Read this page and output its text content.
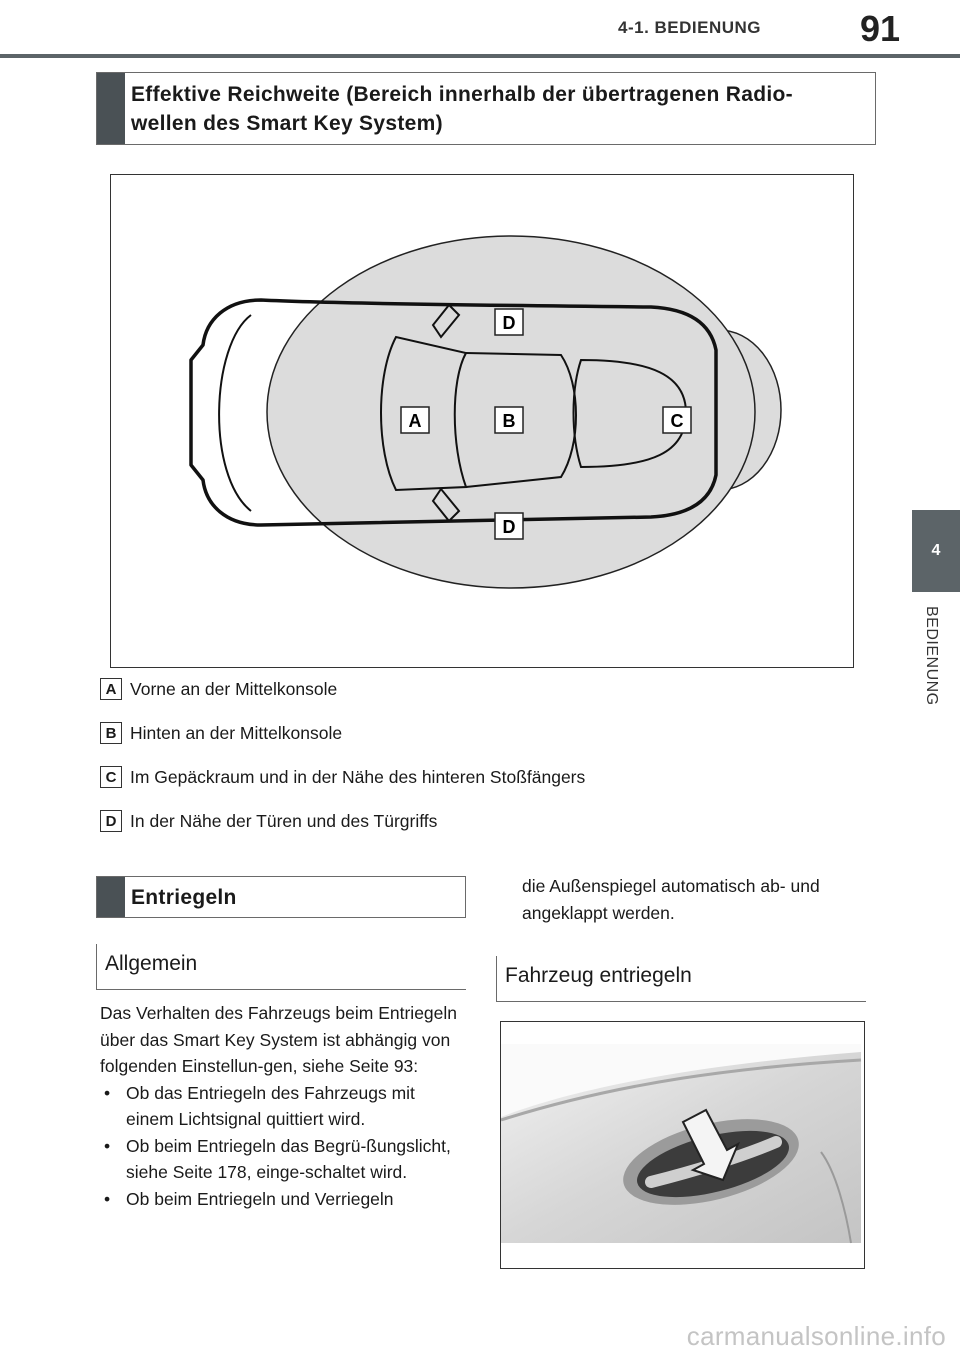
4-1. BEDIENUNG	91
4
BEDIENUNG
Effektive Reichweite (Bereich innerhalb der übertragenen Radio-wellen des Smart Key System)
D
A	B	C
D
A Vorne an der Mittelkonsole
B Hinten an der Mittelkonsole
C Im Gepäckraum und in der Nähe des hinteren Stoßfängers
D In der Nähe der Türen und des Türgriffs
Entriegeln
Allgemein
Das Verhalten des Fahrzeugs beim Entriegeln über das Smart Key System ist abhängig von folgenden Einstellun-gen, siehe Seite 93:
• Ob das Entriegeln des Fahrzeugs mit einem Lichtsignal quittiert wird.
• Ob beim Entriegeln das Begrü-ßungslicht, siehe Seite 178, einge-schaltet wird.
• Ob beim Entriegeln und Verriegeln
die Außenspiegel automatisch ab- und angeklappt werden.
Fahrzeug entriegeln
carmanualsonline.info
